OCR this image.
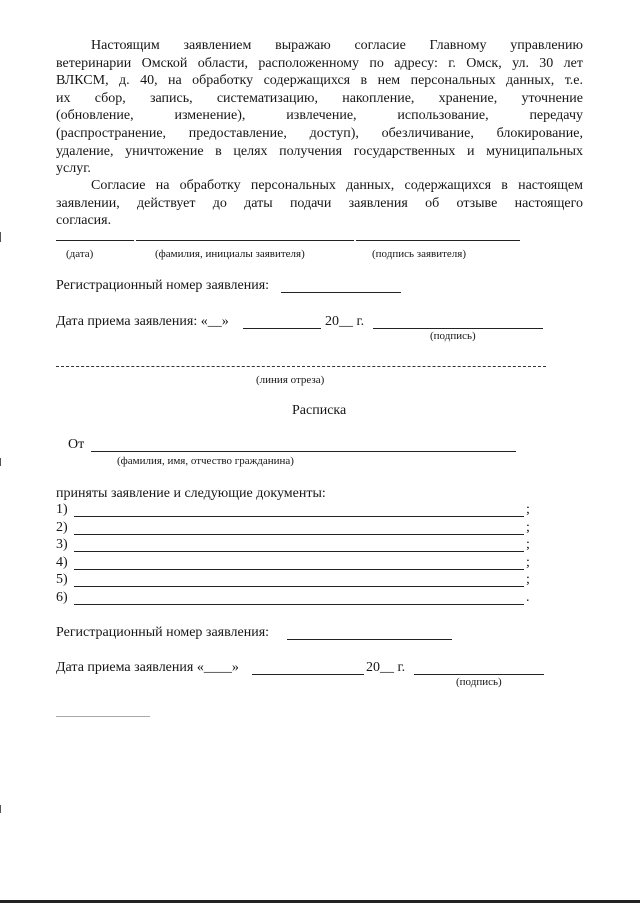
Настоящим заявлением выражаю согласие Главному управлению
ветеринарии Омской области, расположенному по адресу: г. Омск, ул. 30 лет
ВЛКСМ, д. 40, на обработку содержащихся в нем персональных данных, т.е.
их сбор, запись, систематизацию, накопление, хранение, уточнение
(обновление, изменение), извлечение, использование, передачу
(распространение, предоставление, доступ), обезличивание, блокирование,
удаление, уничтожение в целях получения государственных и муниципальных
услуг.
Согласие на обработку персональных данных, содержащихся в настоящем
заявлении, действует до даты подачи заявления об отзыве настоящего
согласия.
(дата)	(фамилия, инициалы заявителя)	(подпись заявителя)
Регистрационный номер заявления:
Дата приема заявления: «__»	20__ г.
(подпись)
(линия отреза)
Расписка
От
(фамилия, имя, отчество гражданина)
приняты заявление и следующие документы:
1)	;
2)	;
3)	;
4)	;
5)	;
6)	.
Регистрационный номер заявления:
Дата приема заявления «____»	20__ г.
(подпись)
